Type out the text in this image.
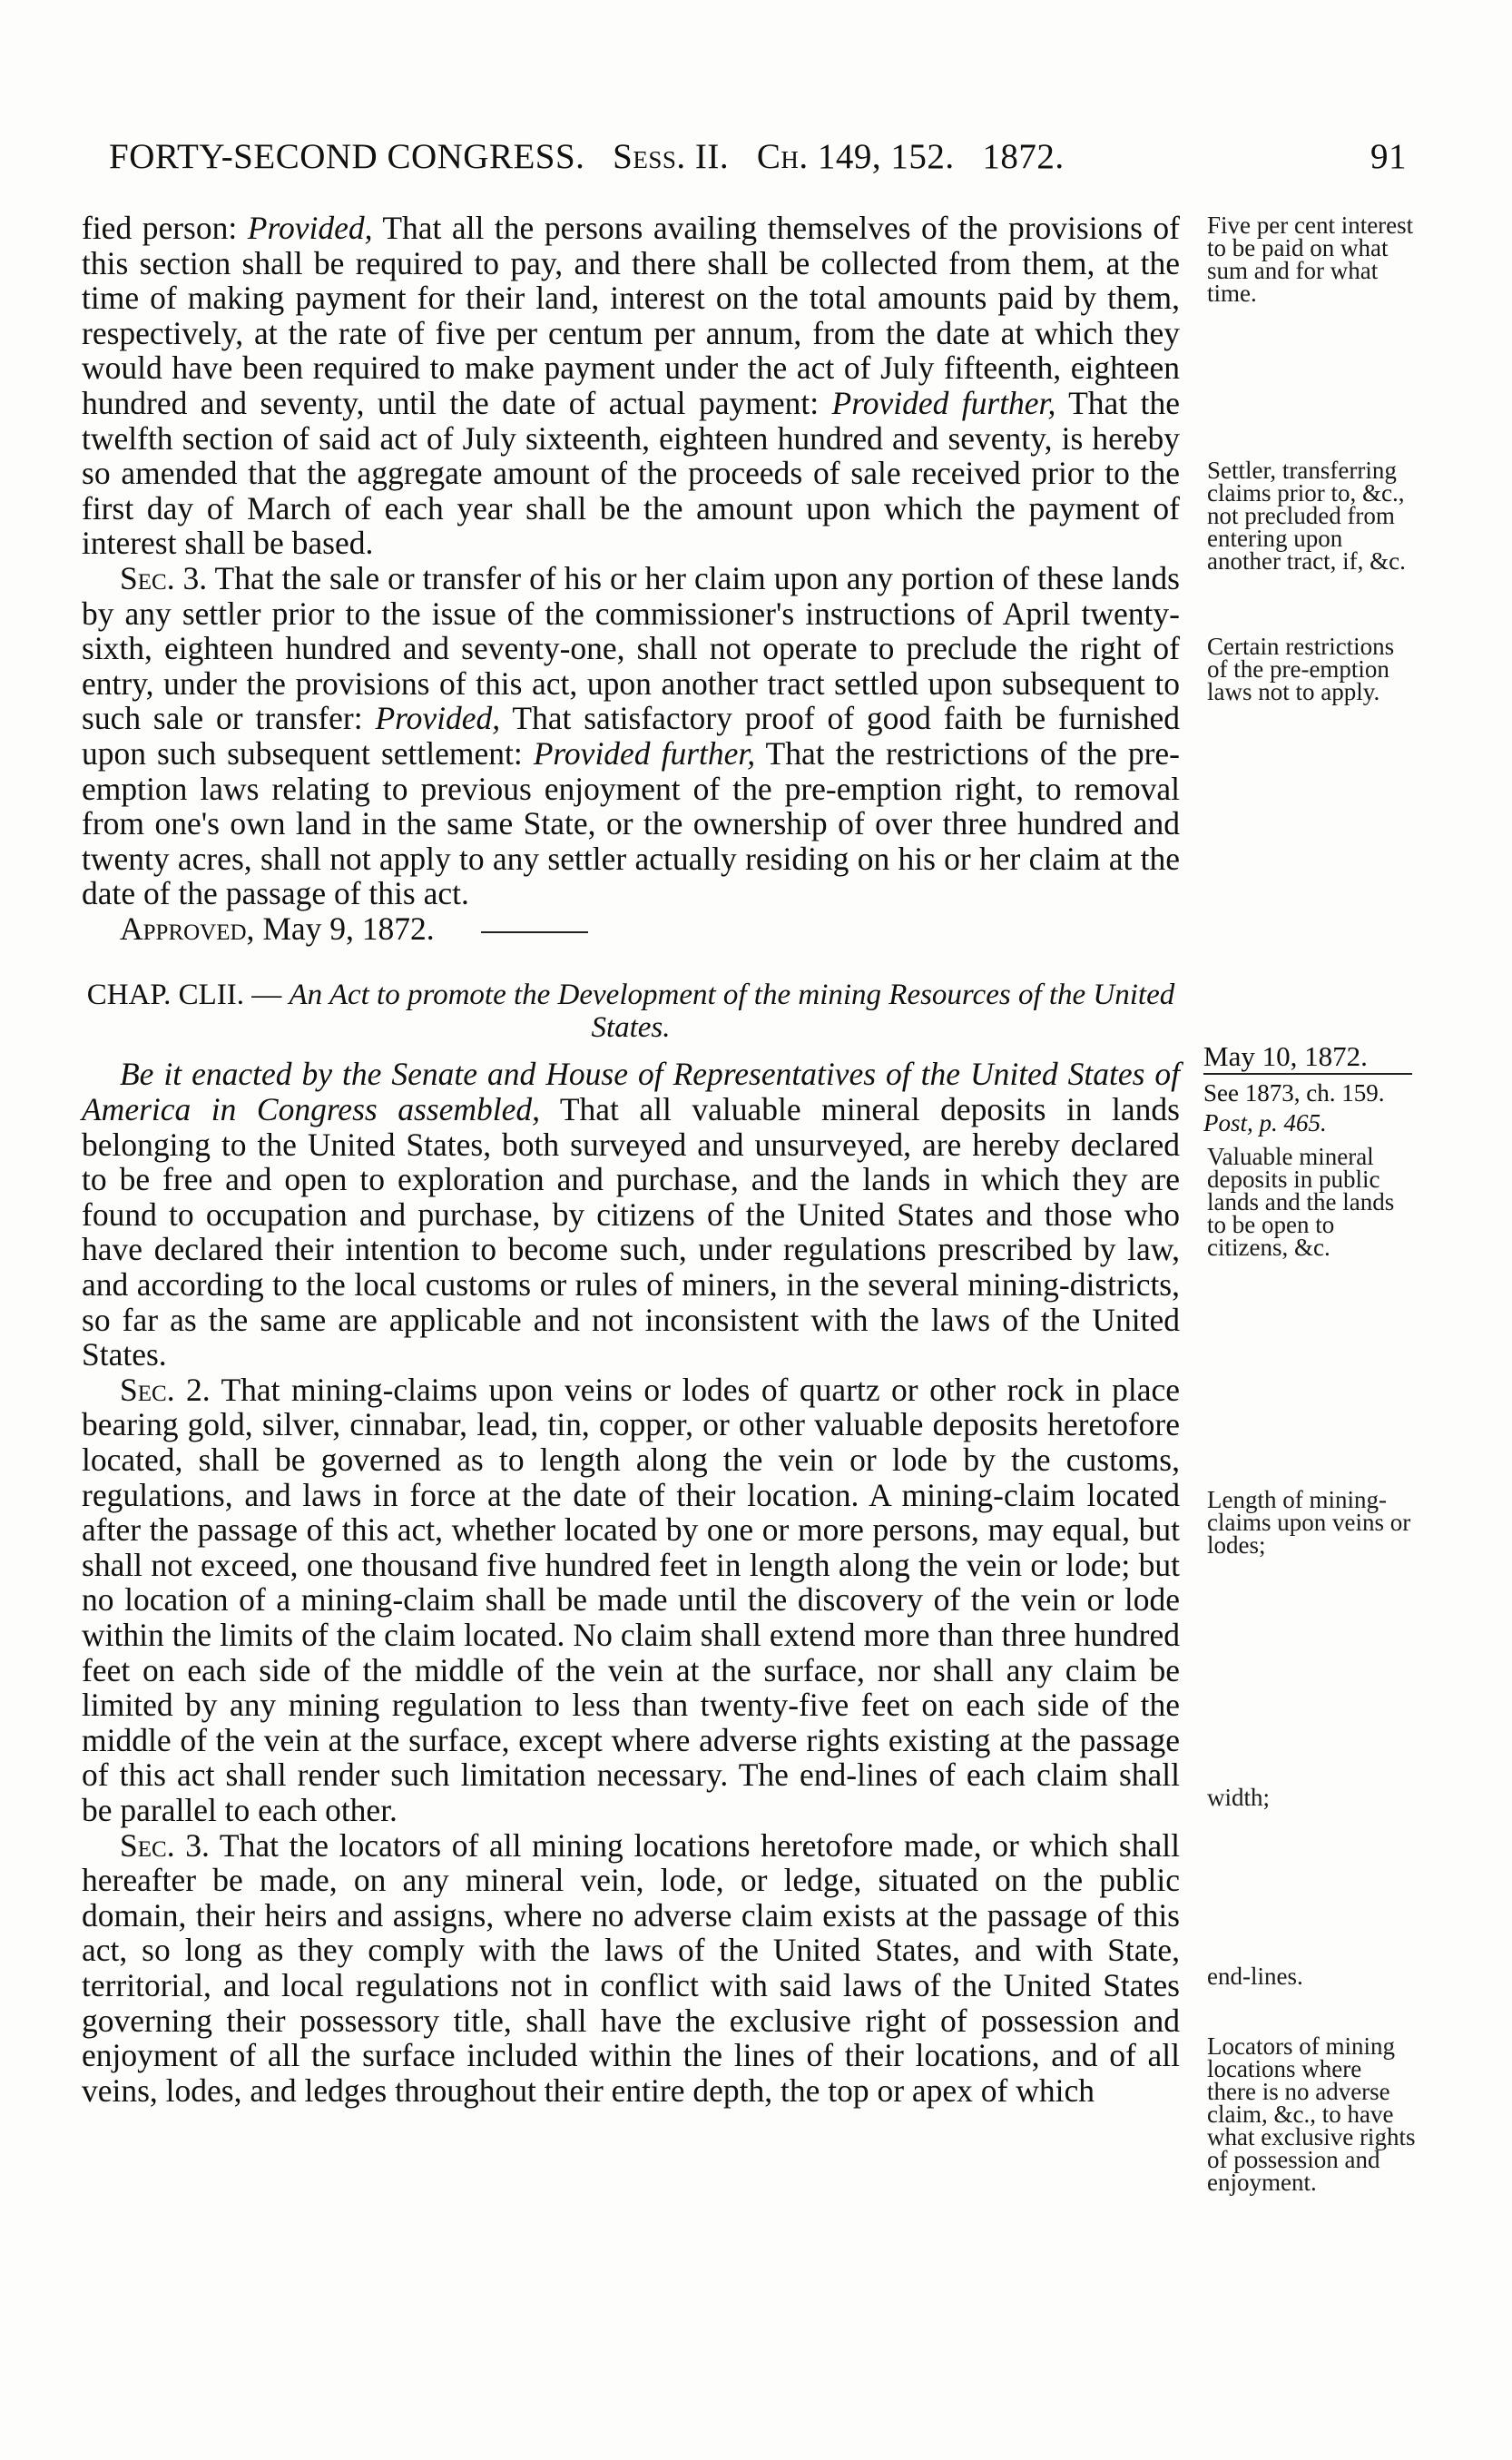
FORTY-SECOND CONGRESS. Sess. II. Ch. 149, 152. 1872.	91

fied person: Provided, That all the persons availing themselves of the provisions of this section shall be required to pay, and there shall be collected from them, at the time of making payment for their land, interest on the total amounts paid by them, respectively, at the rate of five per centum per annum, from the date at which they would have been required to make payment under the act of July fifteenth, eighteen hundred and seventy, until the date of actual payment: Provided further, That the twelfth section of said act of July sixteenth, eighteen hundred and seventy, is hereby so amended that the aggregate amount of the proceeds of sale received prior to the first day of March of each year shall be the amount upon which the payment of interest shall be based.

Sec. 3. That the sale or transfer of his or her claim upon any portion of these lands by any settler prior to the issue of the commissioner's instructions of April twenty-sixth, eighteen hundred and seventy-one, shall not operate to preclude the right of entry, under the provisions of this act, upon another tract settled upon subsequent to such sale or transfer: Provided, That satisfactory proof of good faith be furnished upon such subsequent settlement: Provided further, That the restrictions of the pre-emption laws relating to previous enjoyment of the pre-emption right, to removal from one's own land in the same State, or the ownership of over three hundred and twenty acres, shall not apply to any settler actually residing on his or her claim at the date of the passage of this act.

Approved, May 9, 1872.

CHAP. CLII. — An Act to promote the Development of the mining Resources of the United States.

Be it enacted by the Senate and House of Representatives of the United States of America in Congress assembled, That all valuable mineral deposits in lands belonging to the United States, both surveyed and unsurveyed, are hereby declared to be free and open to exploration and purchase, and the lands in which they are found to occupation and purchase, by citizens of the United States and those who have declared their intention to become such, under regulations prescribed by law, and according to the local customs or rules of miners, in the several mining-districts, so far as the same are applicable and not inconsistent with the laws of the United States.

Sec. 2. That mining-claims upon veins or lodes of quartz or other rock in place bearing gold, silver, cinnabar, lead, tin, copper, or other valuable deposits heretofore located, shall be governed as to length along the vein or lode by the customs, regulations, and laws in force at the date of their location. A mining-claim located after the passage of this act, whether located by one or more persons, may equal, but shall not exceed, one thousand five hundred feet in length along the vein or lode; but no location of a mining-claim shall be made until the discovery of the vein or lode within the limits of the claim located. No claim shall extend more than three hundred feet on each side of the middle of the vein at the surface, nor shall any claim be limited by any mining regulation to less than twenty-five feet on each side of the middle of the vein at the surface, except where adverse rights existing at the passage of this act shall render such limitation necessary. The end-lines of each claim shall be parallel to each other.

Sec. 3. That the locators of all mining locations heretofore made, or which shall hereafter be made, on any mineral vein, lode, or ledge, situated on the public domain, their heirs and assigns, where no adverse claim exists at the passage of this act, so long as they comply with the laws of the United States, and with State, territorial, and local regulations not in conflict with said laws of the United States governing their possessory title, shall have the exclusive right of possession and enjoyment of all the surface included within the lines of their locations, and of all veins, lodes, and ledges throughout their entire depth, the top or apex of which

Five per cent interest to be paid on what sum and for what time.
Settler, transferring claims prior to, &c., not precluded from entering upon another tract, if, &c.
Certain restrictions of the pre-emption laws not to apply.
May 10, 1872.
See 1873, ch. 159.
Post, p. 465.
Valuable mineral deposits in public lands and the lands to be open to citizens, &c.
Length of mining-claims upon veins or lodes;
width;
end-lines.
Locators of mining locations where there is no adverse claim, &c., to have what exclusive rights of possession and enjoyment.
